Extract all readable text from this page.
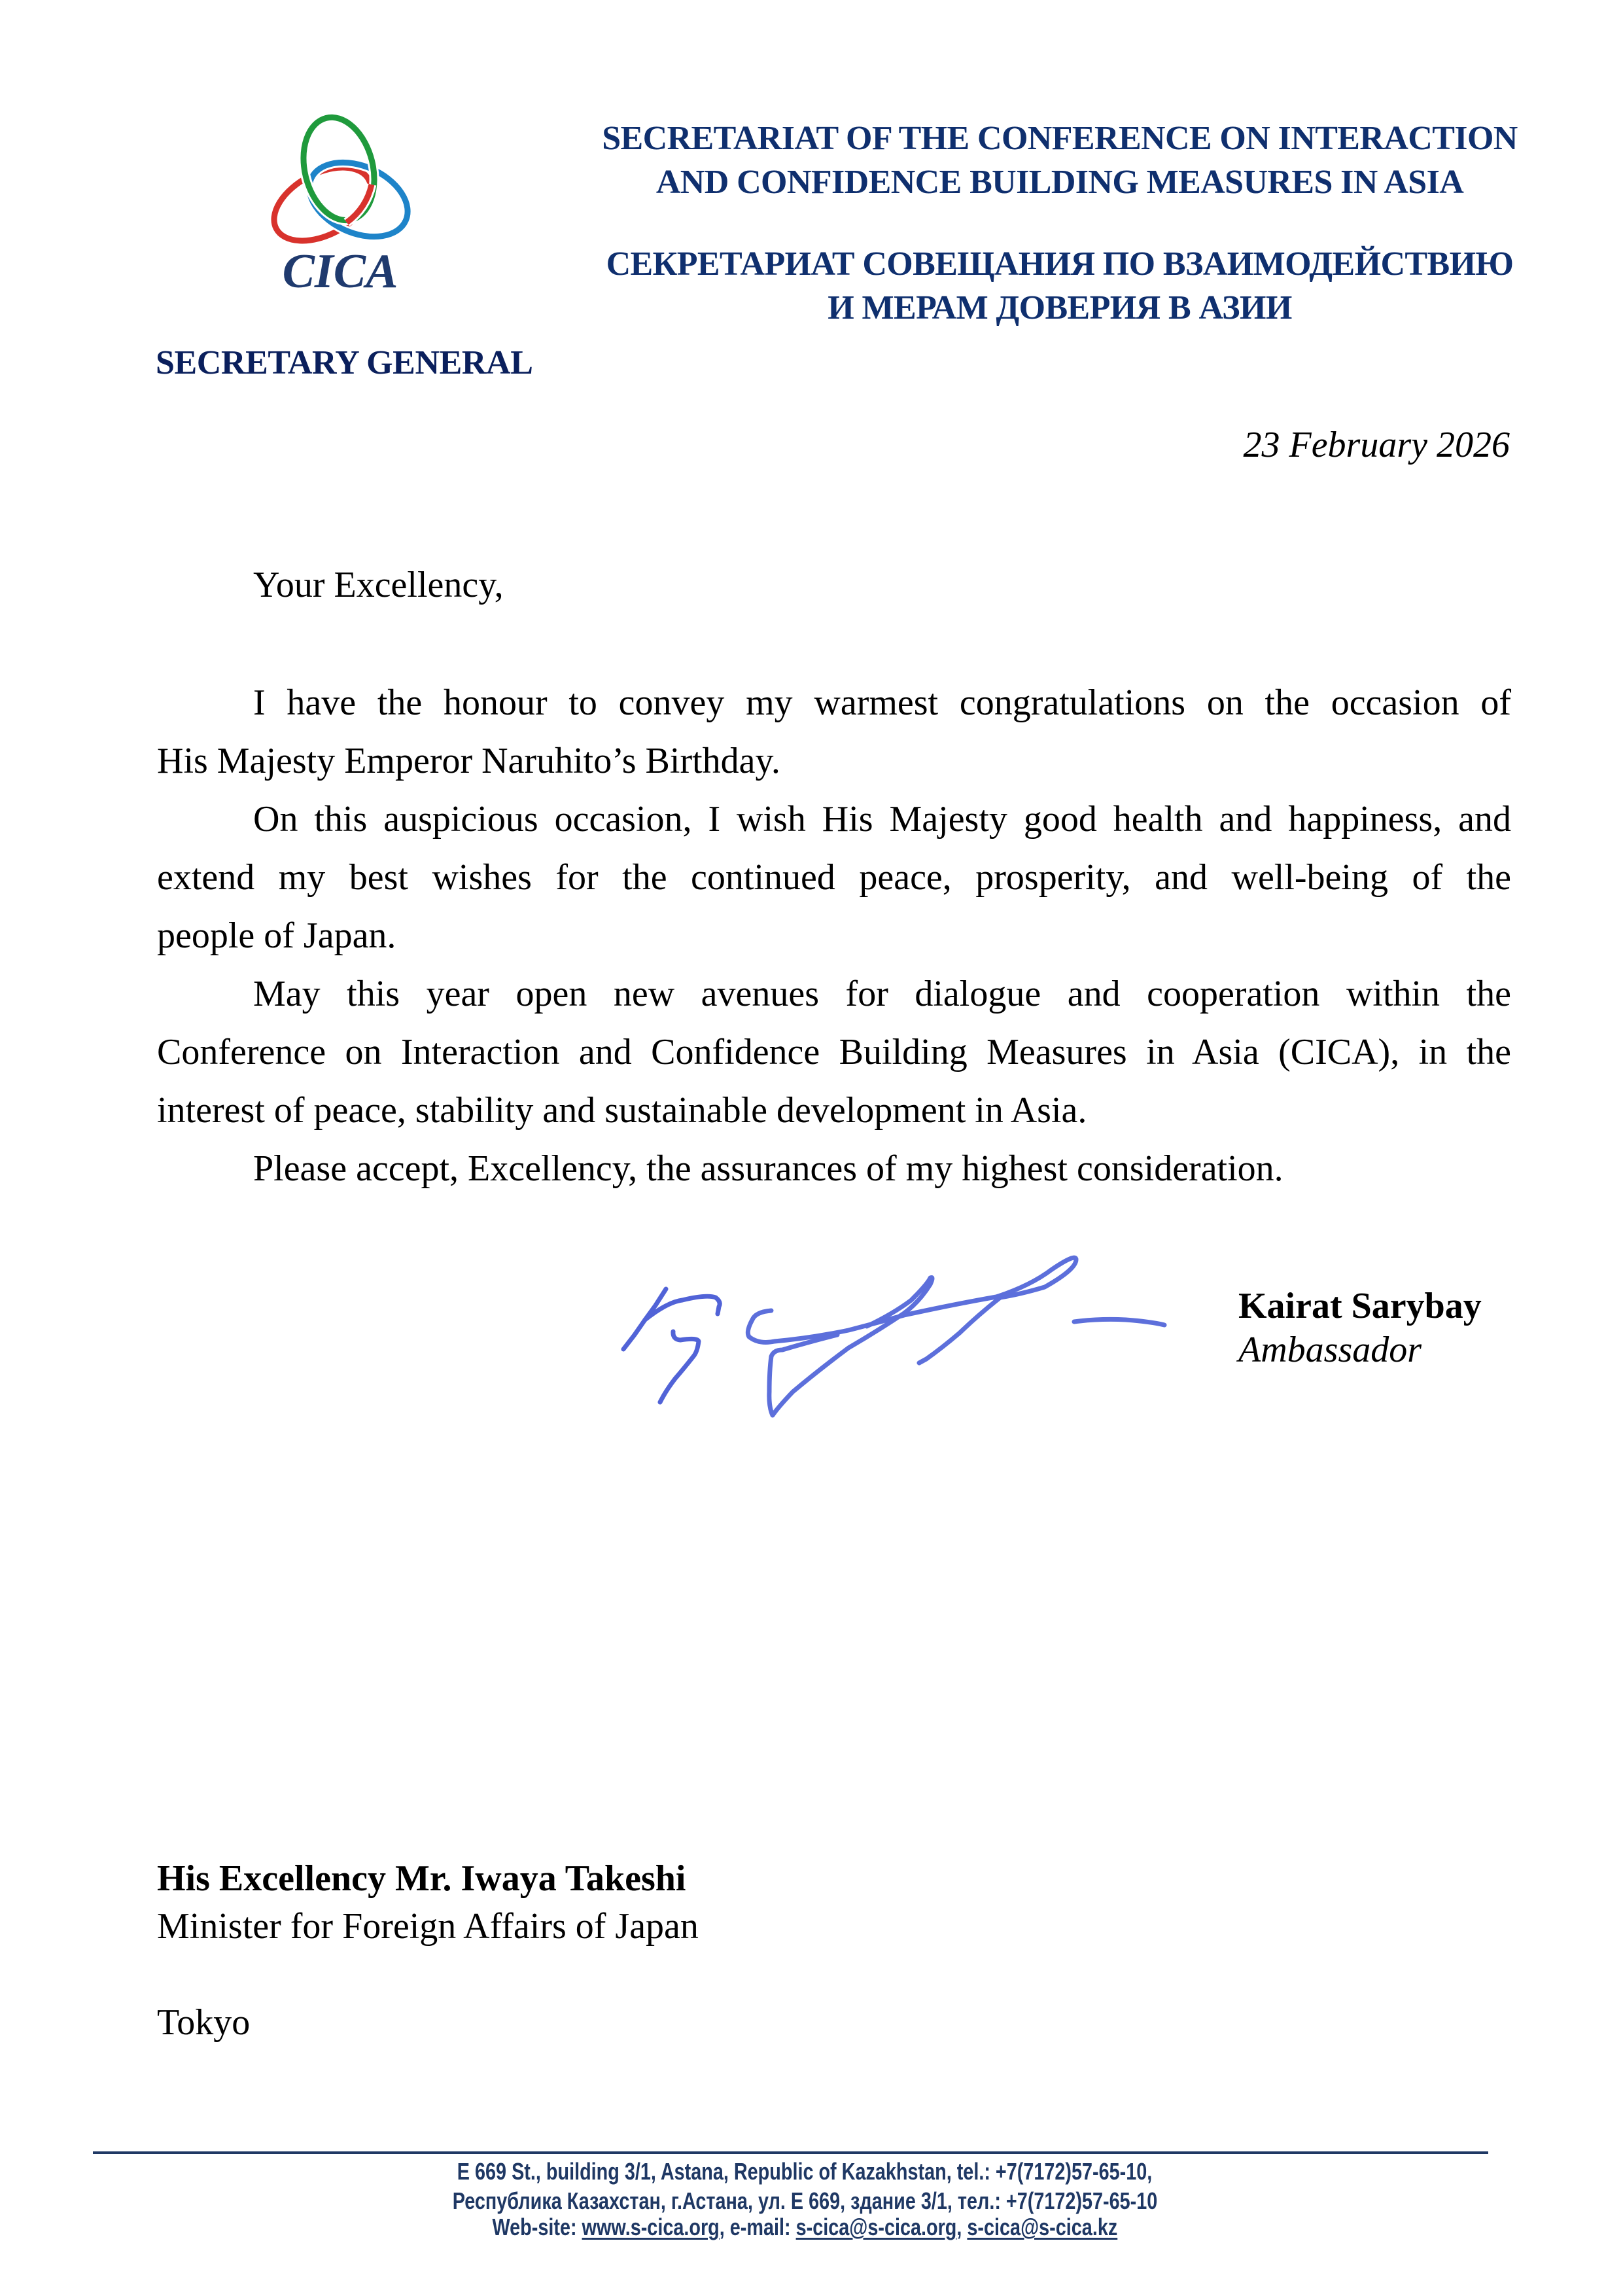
CICA
SECRETARIAT OF THE CONFERENCE ON INTERACTION
AND CONFIDENCE BUILDING MEASURES IN ASIA
СЕКРЕТАРИАТ СОВЕЩАНИЯ ПО ВЗАИМОДЕЙСТВИЮ
И МЕРАМ ДОВЕРИЯ В АЗИИ
SECRETARY GENERAL
23 February 2026
Your Excellency,
I have the honour to convey my warmest congratulations on the occasion of
His Majesty Emperor Naruhito’s Birthday.
On this auspicious occasion, I wish His Majesty good health and happiness, and
extend my best wishes for the continued peace, prosperity, and well-being of the
people of Japan.
May this year open new avenues for dialogue and cooperation within the
Conference on Interaction and Confidence Building Measures in Asia (CICA), in the
interest of peace, stability and sustainable development in Asia.
Please accept, Excellency, the assurances of my highest consideration.
Kairat Sarybay
Ambassador
His Excellency Mr. Iwaya Takeshi
Minister for Foreign Affairs of Japan
Tokyo
E 669 St., building 3/1, Astana, Republic of Kazakhstan, tel.: +7(7172)57-65-10,
Республика Казахстан, г.Астана, ул. Е 669, здание 3/1, тел.: +7(7172)57-65-10
Web-site: www.s-cica.org, e-mail: s-cica@s-cica.org, s-cica@s-cica.kz
